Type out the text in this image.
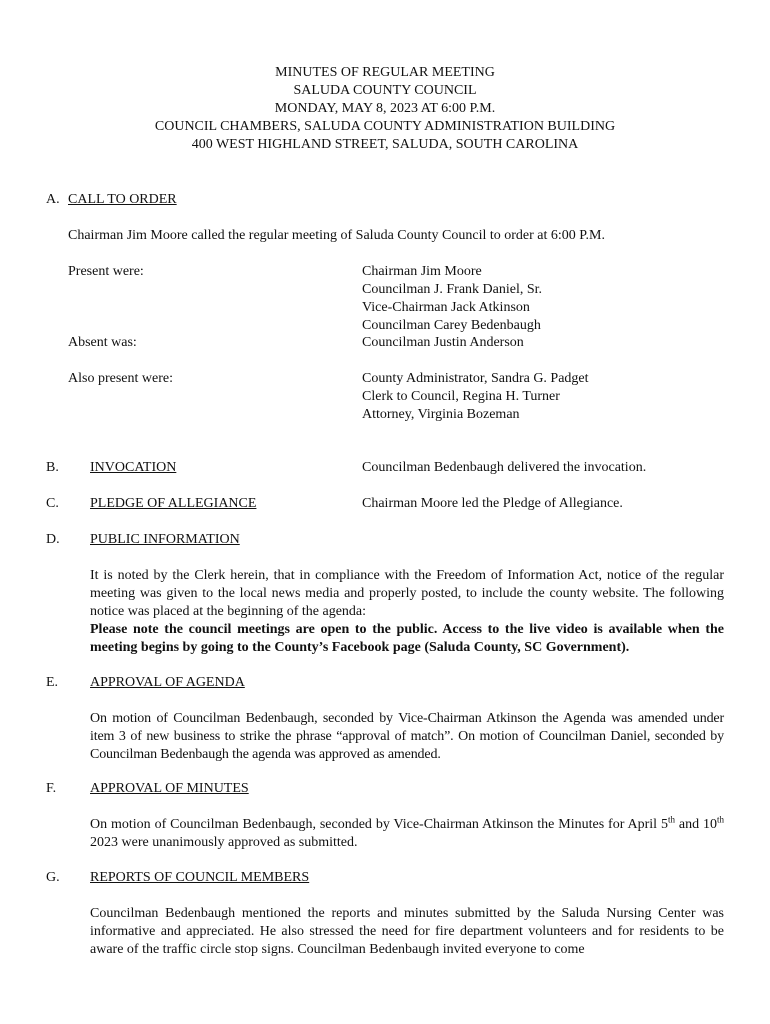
MINUTES OF REGULAR MEETING
SALUDA COUNTY COUNCIL
MONDAY, MAY 8, 2023 AT 6:00 P.M.
COUNCIL CHAMBERS, SALUDA COUNTY ADMINISTRATION BUILDING
400 WEST HIGHLAND STREET, SALUDA, SOUTH CAROLINA
A. CALL TO ORDER
Chairman Jim Moore called the regular meeting of Saluda County Council to order at 6:00 P.M.
Present were:	Chairman Jim Moore
Councilman J. Frank Daniel, Sr.
Vice-Chairman Jack Atkinson
Councilman Carey Bedenbaugh
Absent was:	Councilman Justin Anderson
Also present were:	County Administrator, Sandra G. Padget
Clerk to Council, Regina H. Turner
Attorney, Virginia Bozeman
B. INVOCATION	Councilman Bedenbaugh delivered the invocation.
C. PLEDGE OF ALLEGIANCE	Chairman Moore led the Pledge of Allegiance.
D. PUBLIC INFORMATION

It is noted by the Clerk herein, that in compliance with the Freedom of Information Act, notice of the regular meeting was given to the local news media and properly posted, to include the county website. The following notice was placed at the beginning of the agenda:

Please note the council meetings are open to the public. Access to the live video is available when the meeting begins by going to the County’s Facebook page (Saluda County, SC Government).

E. APPROVAL OF AGENDA

On motion of Councilman Bedenbaugh, seconded by Vice-Chairman Atkinson the Agenda was amended under item 3 of new business to strike the phrase “approval of match”. On motion of Councilman Daniel, seconded by Councilman Bedenbaugh the agenda was approved as amended.

F. APPROVAL OF MINUTES

On motion of Councilman Bedenbaugh, seconded by Vice-Chairman Atkinson the Minutes for April 5th and 10th 2023 were unanimously approved as submitted.

G. REPORTS OF COUNCIL MEMBERS

Councilman Bedenbaugh mentioned the reports and minutes submitted by the Saluda Nursing Center was informative and appreciated. He also stressed the need for fire department volunteers and for residents to be aware of the traffic circle stop signs. Councilman Bedenbaugh invited everyone to come
